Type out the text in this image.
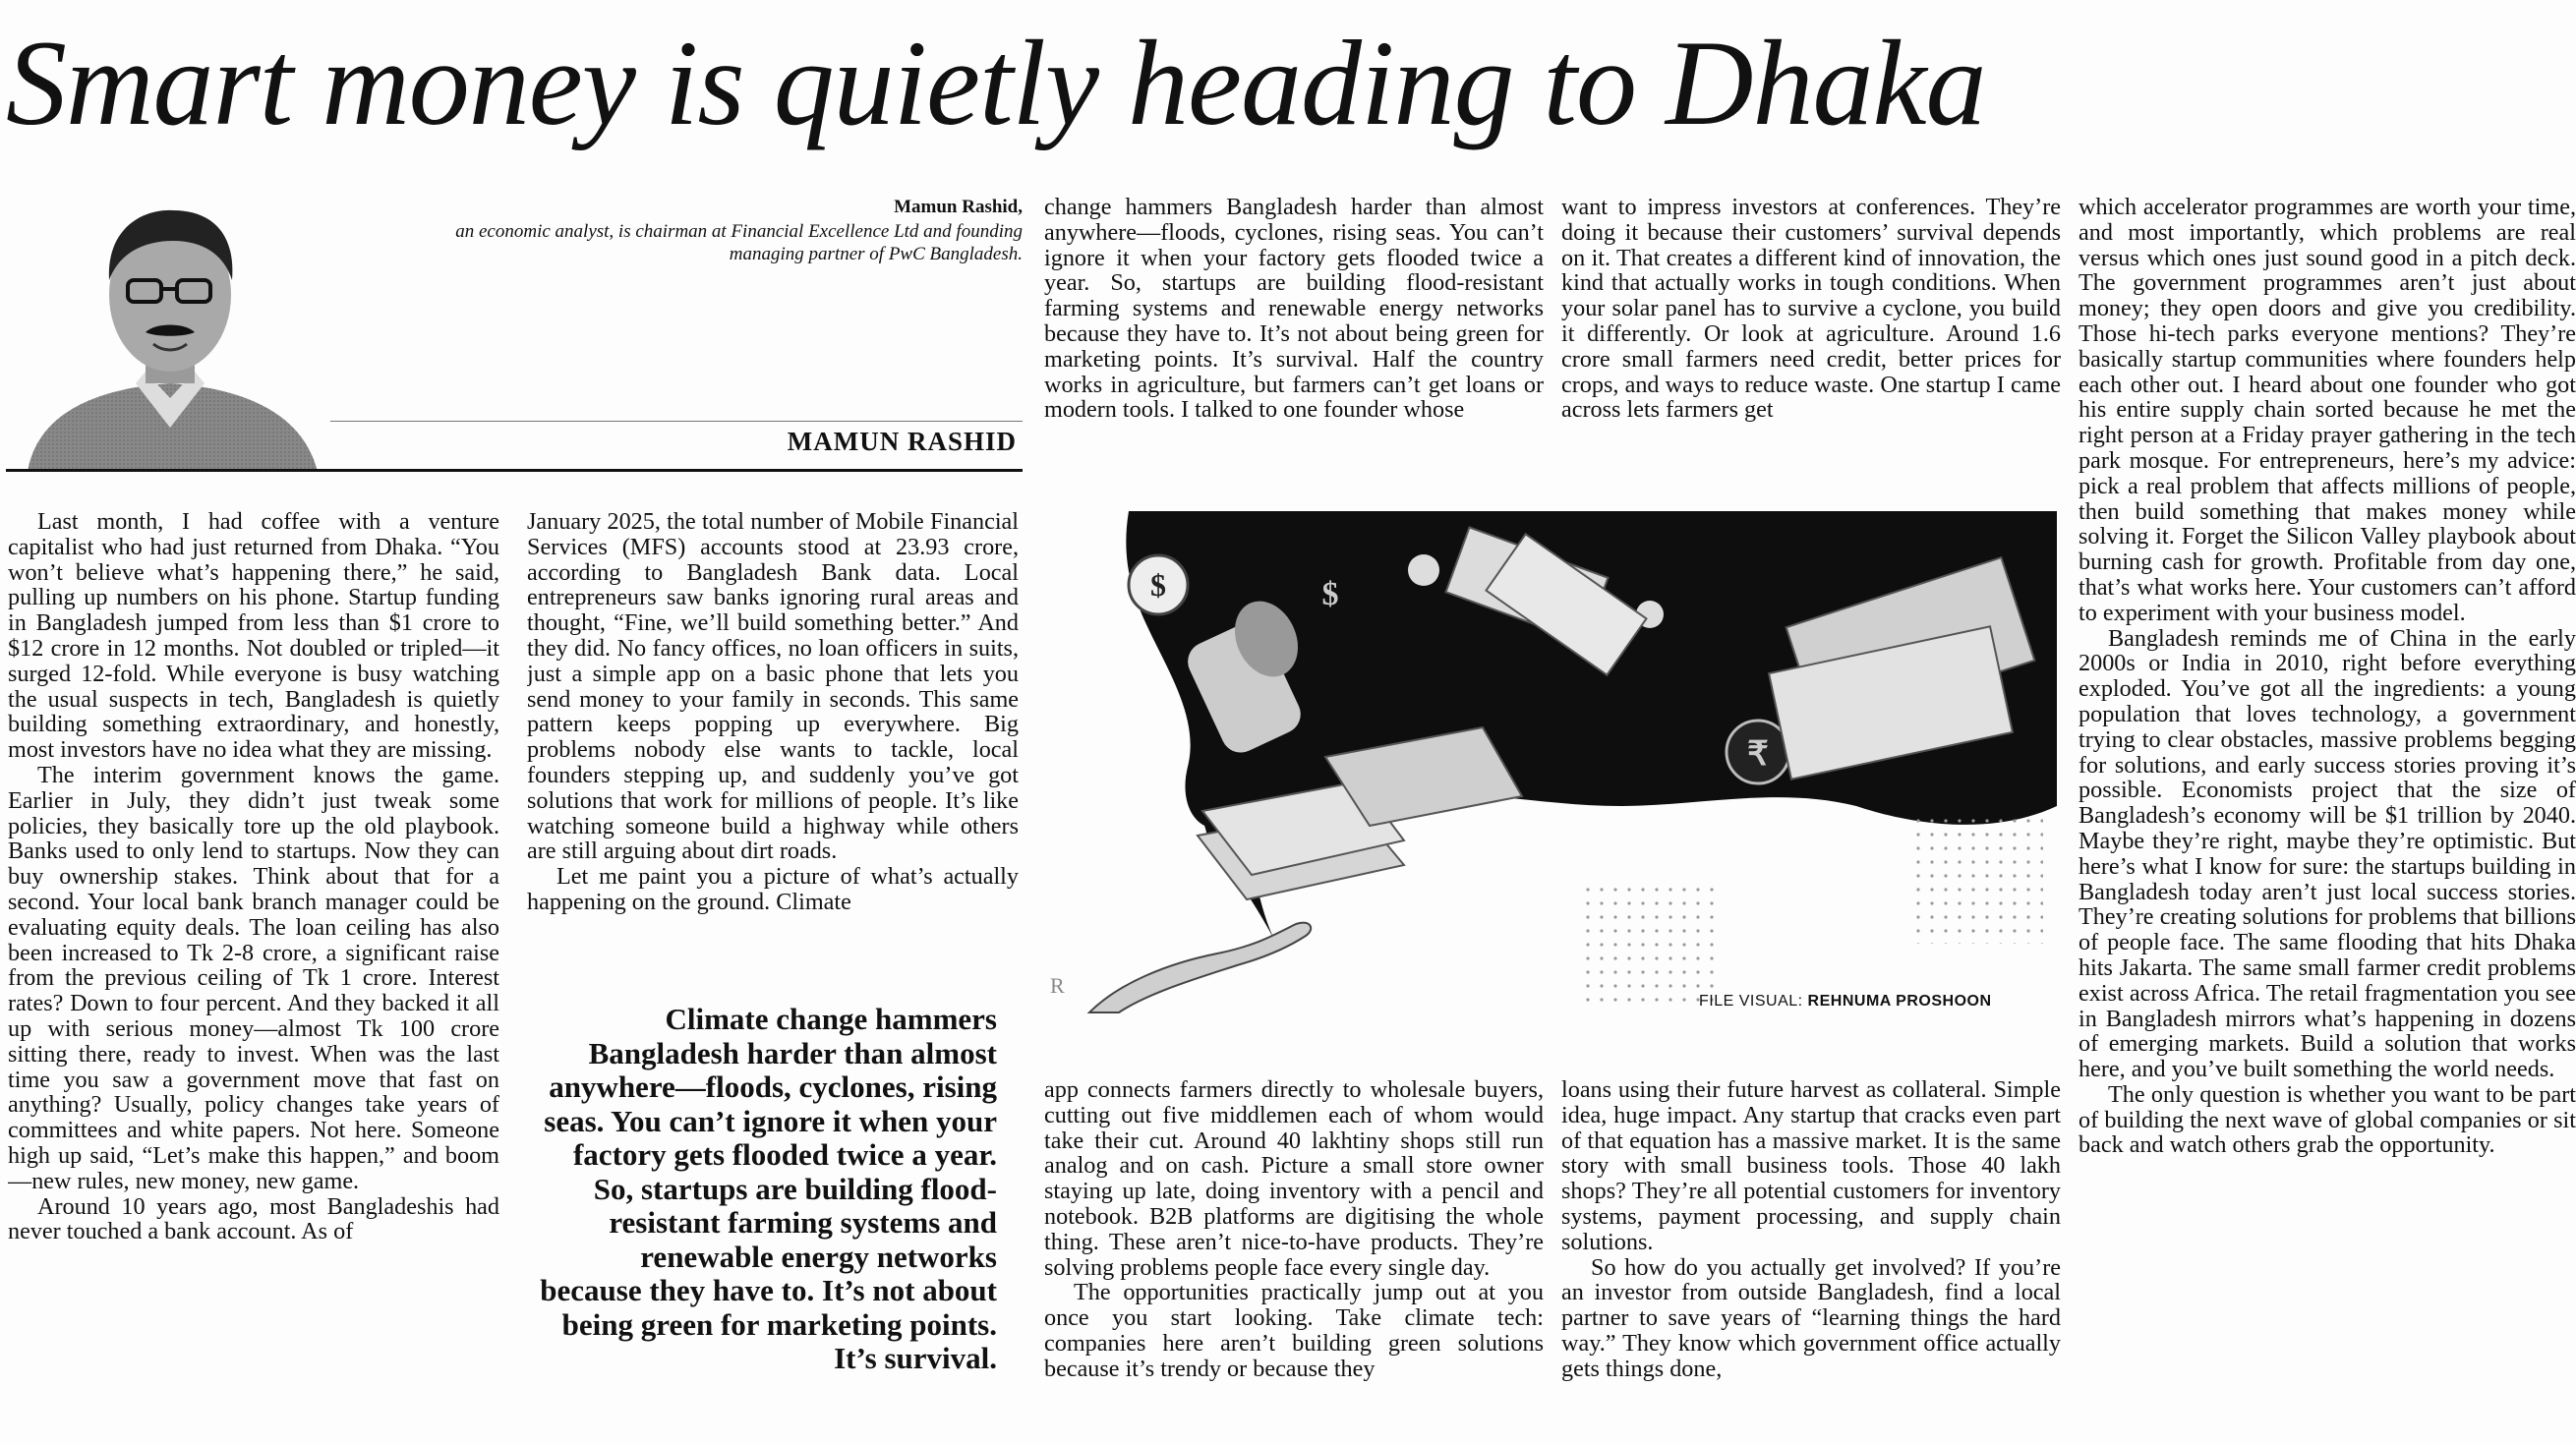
Smart money is quietly heading to Dhaka
Mamun Rashid,
an economic analyst, is chairman at Financial Excellence Ltd and founding managing partner of PwC Bangladesh.
MAMUN RASHID

Last month, I had coffee with a venture capitalist who had just returned from Dhaka. “You won’t believe what’s happening there,” he said, pulling up numbers on his phone. Startup funding in Bangladesh jumped from less than $1 crore to $12 crore in 12 months. Not doubled or tripled—it surged 12-fold. While everyone is busy watching the usual suspects in tech, Bangladesh is quietly building something extraordinary, and honestly, most investors have no idea what they are missing.

The interim government knows the game. Earlier in July, they didn’t just tweak some policies, they basically tore up the old playbook. Banks used to only lend to startups. Now they can buy ownership stakes. Think about that for a second. Your local bank branch manager could be evaluating equity deals. The loan ceiling has also been increased to Tk 2-8 crore, a significant raise from the previous ceiling of Tk 1 crore. Interest rates? Down to four percent. And they backed it all up with serious money—almost Tk 100 crore sitting there, ready to invest. When was the last time you saw a government move that fast on anything? Usually, policy changes take years of committees and white papers. Not here. Someone high up said, “Let’s make this happen,” and boom—new rules, new money, new game.

Around 10 years ago, most Bangladeshis had never touched a bank account. As of

January 2025, the total number of Mobile Financial Services (MFS) accounts stood at 23.93 crore, according to Bangladesh Bank data. Local entrepreneurs saw banks ignoring rural areas and thought, “Fine, we’ll build something better.” And they did. No fancy offices, no loan officers in suits, just a simple app on a basic phone that lets you send money to your family in seconds. This same pattern keeps popping up everywhere. Big problems nobody else wants to tackle, local founders stepping up, and suddenly you’ve got solutions that work for millions of people. It’s like watching someone build a highway while others are still arguing about dirt roads.

Let me paint you a picture of what’s actually happening on the ground. Climate

Climate change hammers Bangladesh harder than almost anywhere—floods, cyclones, rising seas. You can’t ignore it when your factory gets flooded twice a year. So, startups are building flood-resistant farming systems and renewable energy networks because they have to. It’s not about being green for marketing points. It’s survival.

change hammers Bangladesh harder than almost anywhere—floods, cyclones, rising seas. You can’t ignore it when your factory gets flooded twice a year. So, startups are building flood-resistant farming systems and renewable energy networks because they have to. It’s not about being green for marketing points. It’s survival. Half the country works in agriculture, but farmers can’t get loans or modern tools. I talked to one founder whose

want to impress investors at conferences. They’re doing it because their customers’ survival depends on it. That creates a different kind of innovation, the kind that actually works in tough conditions. When your solar panel has to survive a cyclone, you build it differently. Or look at agriculture. Around 1.6 crore small farmers need credit, better prices for crops, and ways to reduce waste. One startup I came across lets farmers get

$	$
₹
R
FILE VISUAL: REHNUMA PROSHOON

app connects farmers directly to wholesale buyers, cutting out five middlemen each of whom would take their cut. Around 40 lakhtiny shops still run analog and on cash. Picture a small store owner staying up late, doing inventory with a pencil and notebook. B2B platforms are digitising the whole thing. These aren’t nice-to-have products. They’re solving problems people face every single day.

The opportunities practically jump out at you once you start looking. Take climate tech: companies here aren’t building green solutions because it’s trendy or because they

loans using their future harvest as collateral. Simple idea, huge impact. Any startup that cracks even part of that equation has a massive market. It is the same story with small business tools. Those 40 lakh shops? They’re all potential customers for inventory systems, payment processing, and supply chain solutions.

So how do you actually get involved? If you’re an investor from outside Bangladesh, find a local partner to save years of “learning things the hard way.” They know which government office actually gets things done,

which accelerator programmes are worth your time, and most importantly, which problems are real versus which ones just sound good in a pitch deck. The government programmes aren’t just about money; they open doors and give you credibility. Those hi-tech parks everyone mentions? They’re basically startup communities where founders help each other out. I heard about one founder who got his entire supply chain sorted because he met the right person at a Friday prayer gathering in the tech park mosque. For entrepreneurs, here’s my advice: pick a real problem that affects millions of people, then build something that makes money while solving it. Forget the Silicon Valley playbook about burning cash for growth. Profitable from day one, that’s what works here. Your customers can’t afford to experiment with your business model.

Bangladesh reminds me of China in the early 2000s or India in 2010, right before everything exploded. You’ve got all the ingredients: a young population that loves technology, a government trying to clear obstacles, massive problems begging for solutions, and early success stories proving it’s possible. Economists project that the size of Bangladesh’s economy will be $1 trillion by 2040. Maybe they’re right, maybe they’re optimistic. But here’s what I know for sure: the startups building in Bangladesh today aren’t just local success stories. They’re creating solutions for problems that billions of people face. The same flooding that hits Dhaka hits Jakarta. The same small farmer credit problems exist across Africa. The retail fragmentation you see in Bangladesh mirrors what’s happening in dozens of emerging markets. Build a solution that works here, and you’ve built something the world needs.

The only question is whether you want to be part of building the next wave of global companies or sit back and watch others grab the opportunity.
